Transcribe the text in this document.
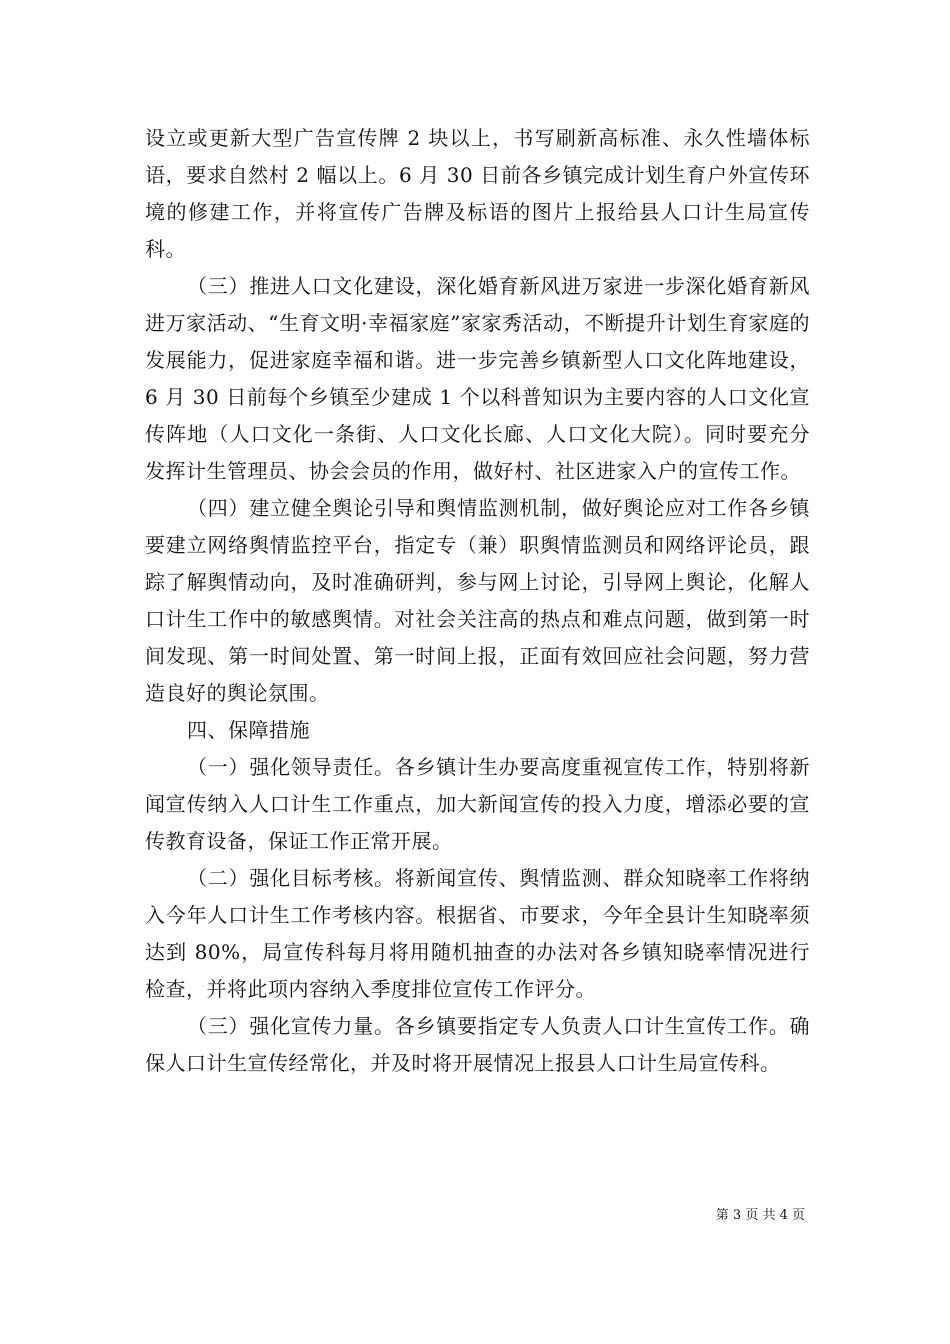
设立或更新大型广告宣传牌 2 块以上，书写刷新高标准、永久性墙体标语，要求自然村 2 幅以上。6 月 30 日前各乡镇完成计划生育户外宣传环境的修建工作，并将宣传广告牌及标语的图片上报给县人口计生局宣传科。

（三）推进人口文化建设，深化婚育新风进万家进一步深化婚育新风进万家活动、“生育文明·幸福家庭”家家秀活动，不断提升计划生育家庭的发展能力，促进家庭幸福和谐。进一步完善乡镇新型人口文化阵地建设，6 月 30 日前每个乡镇至少建成 1 个以科普知识为主要内容的人口文化宣传阵地（人口文化一条街、人口文化长廊、人口文化大院）。同时要充分发挥计生管理员、协会会员的作用，做好村、社区进家入户的宣传工作。

（四）建立健全舆论引导和舆情监测机制，做好舆论应对工作各乡镇要建立网络舆情监控平台，指定专（兼）职舆情监测员和网络评论员，跟踪了解舆情动向，及时准确研判，参与网上讨论，引导网上舆论，化解人口计生工作中的敏感舆情。对社会关注高的热点和难点问题，做到第一时间发现、第一时间处置、第一时间上报，正面有效回应社会问题，努力营造良好的舆论氛围。

四、保障措施

（一）强化领导责任。各乡镇计生办要高度重视宣传工作，特别将新闻宣传纳入人口计生工作重点，加大新闻宣传的投入力度，增添必要的宣传教育设备，保证工作正常开展。

（二）强化目标考核。将新闻宣传、舆情监测、群众知晓率工作将纳入今年人口计生工作考核内容。根据省、市要求，今年全县计生知晓率须达到 80%，局宣传科每月将用随机抽查的办法对各乡镇知晓率情况进行检查，并将此项内容纳入季度排位宣传工作评分。

（三）强化宣传力量。各乡镇要指定专人负责人口计生宣传工作。确保人口计生宣传经常化，并及时将开展情况上报县人口计生局宣传科。

第 3 页 共 4 页
